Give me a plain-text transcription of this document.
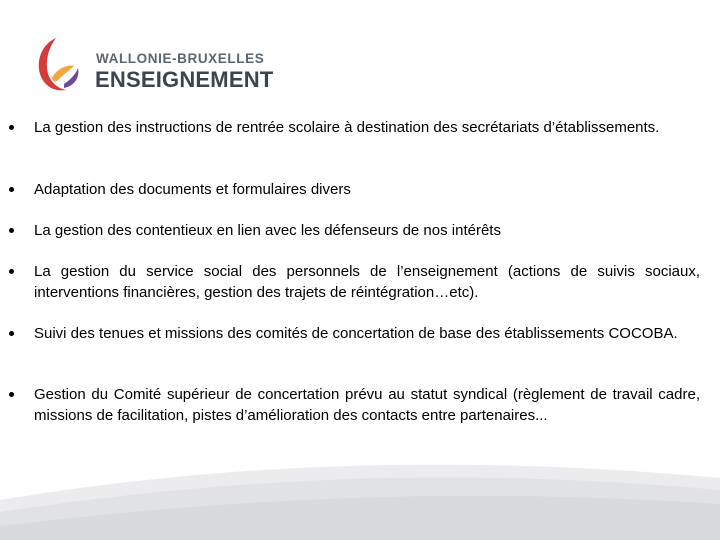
WALLONIE-BRUXELLES
ENSEIGNEMENT
La gestion des instructions de rentrée scolaire à destination des secrétariats d’établissements.
Adaptation des documents et formulaires divers
La gestion des contentieux en lien avec les défenseurs de nos intérêts
La gestion du service social des personnels de l’enseignement (actions de suivis sociaux, interventions financières, gestion des trajets de réintégration…etc).
Suivi des tenues et missions des comités de concertation de base des établissements COCOBA.
Gestion du Comité supérieur de concertation prévu au statut syndical (règlement de travail cadre, missions de facilitation, pistes d’amélioration des contacts entre partenaires...
